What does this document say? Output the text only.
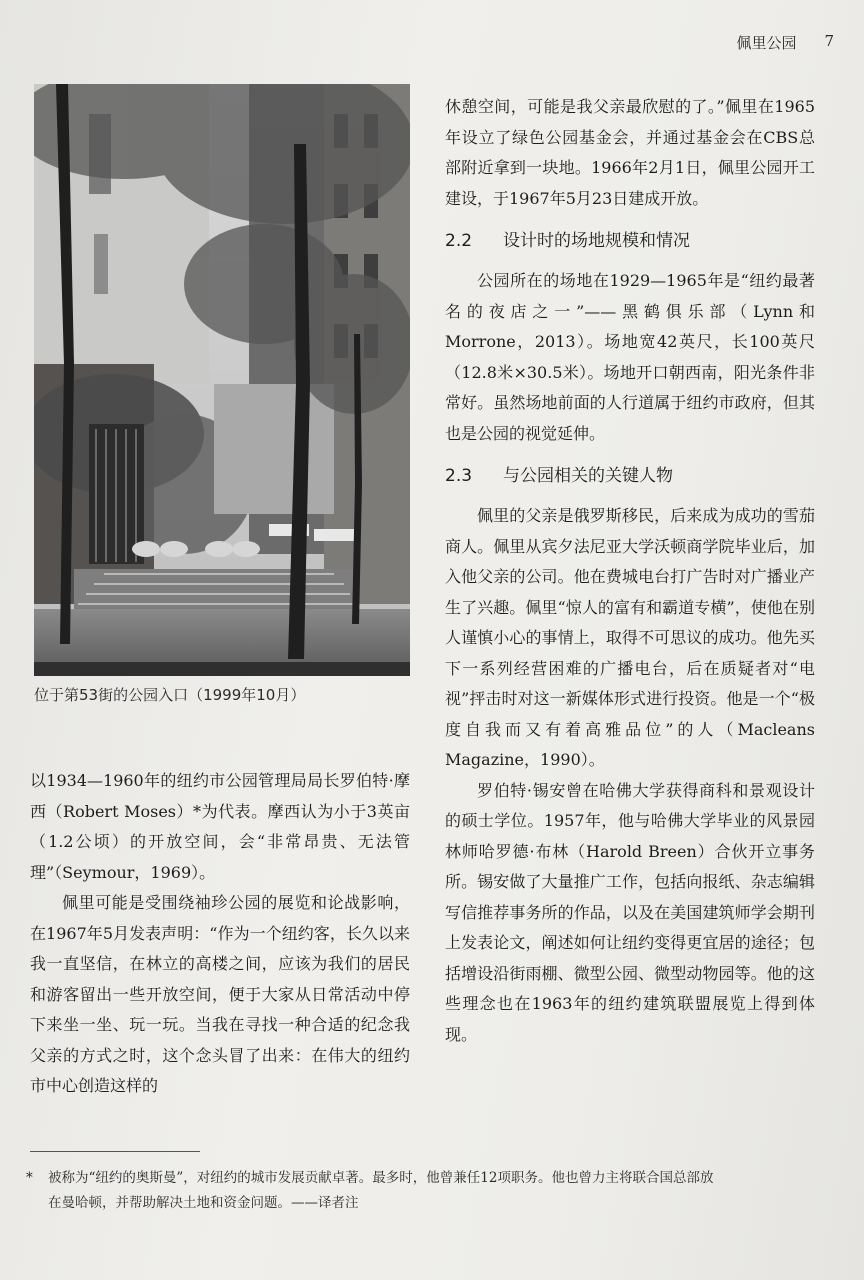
佩里公园 7
位于第53街的公园入口（1999年10月）

以1934—1960年的纽约市公园管理局局长罗伯特·摩西（Robert Moses）*为代表。摩西认为小于3英亩（1.2公顷）的开放空间，会“非常昂贵、无法管理”（Seymour，1969）。

佩里可能是受围绕袖珍公园的展览和论战影响，在1967年5月发表声明：“作为一个纽约客，长久以来我一直坚信，在林立的高楼之间，应该为我们的居民和游客留出一些开放空间，便于大家从日常活动中停下来坐一坐、玩一玩。当我在寻找一种合适的纪念我父亲的方式之时，这个念头冒了出来：在伟大的纽约市中心创造这样的

休憩空间，可能是我父亲最欣慰的了。”佩里在1965年设立了绿色公园基金会，并通过基金会在CBS总部附近拿到一块地。1966年2月1日，佩里公园开工建设，于1967年5月23日建成开放。

2.2 设计时的场地规模和情况

公园所在的场地在1929—1965年是“纽约最著名的夜店之一”——黑鹤俱乐部（Lynn和Morrone，2013）。场地宽42英尺，长100英尺（12.8米×30.5米）。场地开口朝西南，阳光条件非常好。虽然场地前面的人行道属于纽约市政府，但其也是公园的视觉延伸。

2.3 与公园相关的关键人物

佩里的父亲是俄罗斯移民，后来成为成功的雪茄商人。佩里从宾夕法尼亚大学沃顿商学院毕业后，加入他父亲的公司。他在费城电台打广告时对广播业产生了兴趣。佩里“惊人的富有和霸道专横”，使他在别人谨慎小心的事情上，取得不可思议的成功。他先买下一系列经营困难的广播电台，后在质疑者对“电视”抨击时对这一新媒体形式进行投资。他是一个“极度自我而又有着高雅品位”的人（Macleans Magazine，1990）。

罗伯特·锡安曾在哈佛大学获得商科和景观设计的硕士学位。1957年，他与哈佛大学毕业的风景园林师哈罗德·布林（Harold Breen）合伙开立事务所。锡安做了大量推广工作，包括向报纸、杂志编辑写信推荐事务所的作品，以及在美国建筑师学会期刊上发表论文，阐述如何让纽约变得更宜居的途径；包括增设沿街雨棚、微型公园、微型动物园等。他的这些理念也在1963年的纽约建筑联盟展览上得到体现。

* 被称为“纽约的奥斯曼”，对纽约的城市发展贡献卓著。最多时，他曾兼任12项职务。他也曾力主将联合国总部放
在曼哈顿，并帮助解决土地和资金问题。——译者注
